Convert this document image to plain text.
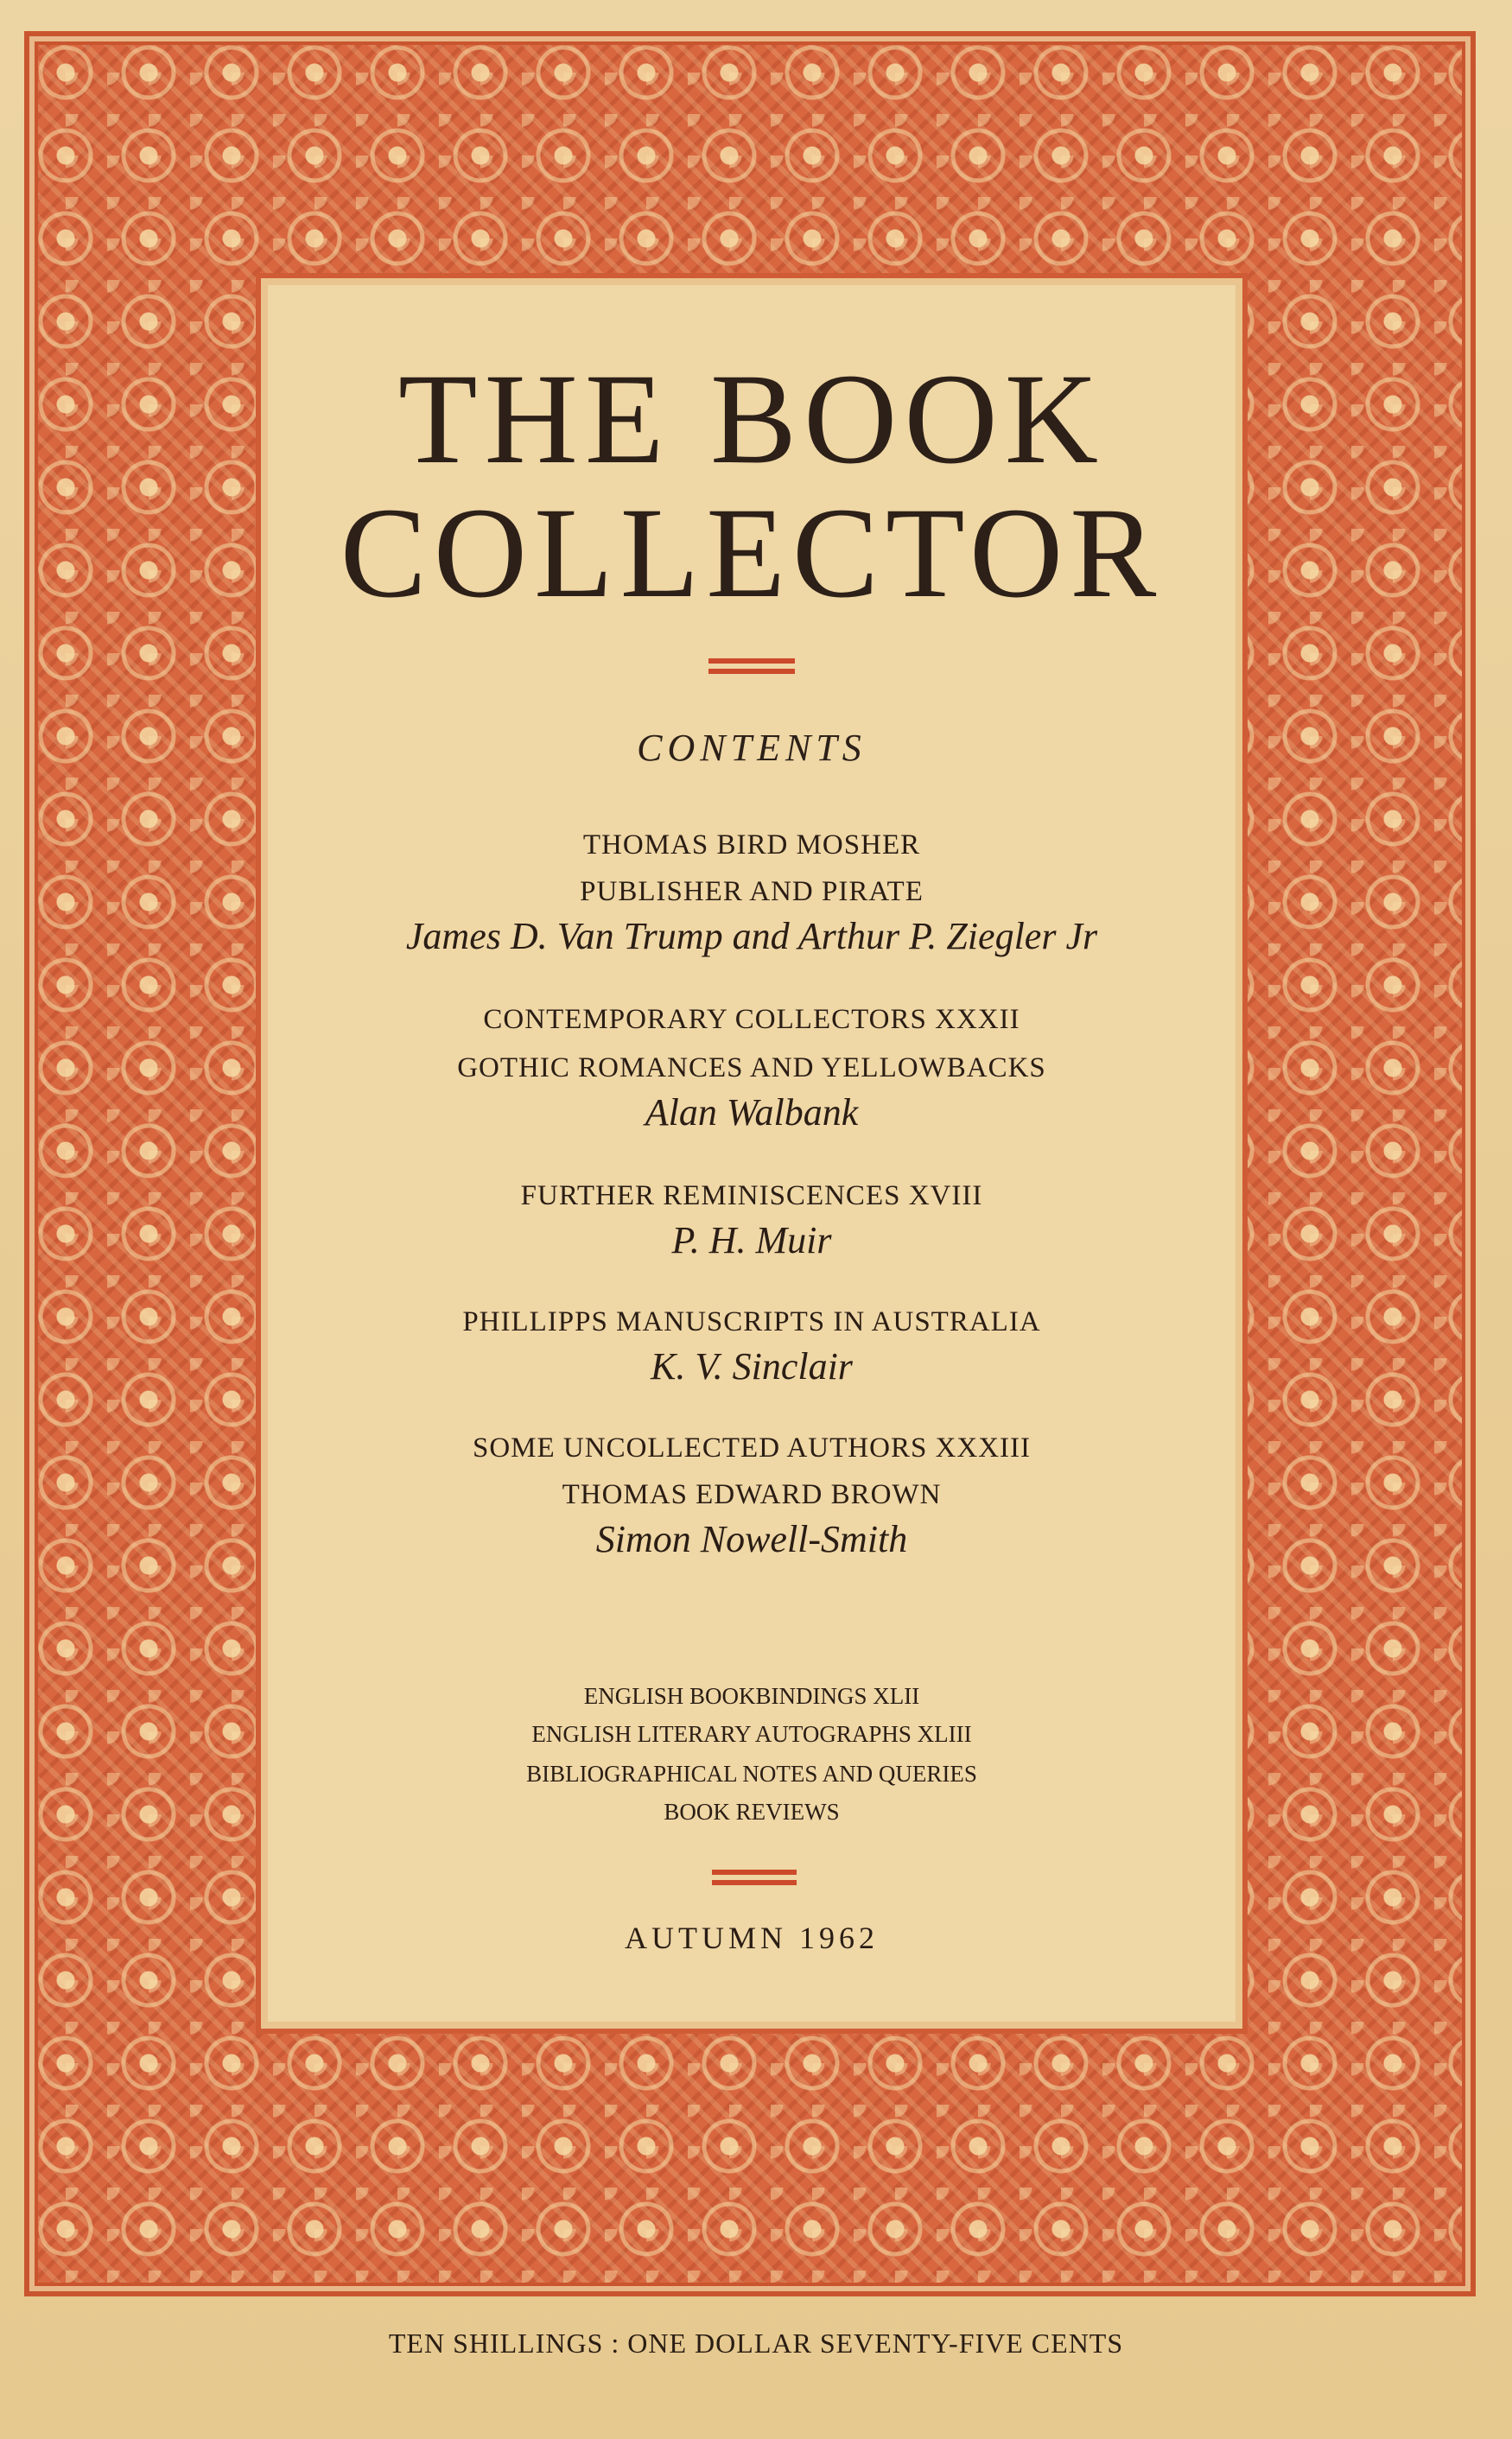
THE BOOK
COLLECTOR
CONTENTS
THOMAS BIRD MOSHER
PUBLISHER AND PIRATE
James D. Van Trump and Arthur P. Ziegler Jr
CONTEMPORARY COLLECTORS XXXII
GOTHIC ROMANCES AND YELLOWBACKS
Alan Walbank
FURTHER REMINISCENCES XVIII
P. H. Muir
PHILLIPPS MANUSCRIPTS IN AUSTRALIA
K. V. Sinclair
SOME UNCOLLECTED AUTHORS XXXIII
THOMAS EDWARD BROWN
Simon Nowell-Smith
ENGLISH BOOKBINDINGS XLII
ENGLISH LITERARY AUTOGRAPHS XLIII
BIBLIOGRAPHICAL NOTES AND QUERIES
BOOK REVIEWS
AUTUMN 1962
TEN SHILLINGS : ONE DOLLAR SEVENTY-FIVE CENTS
